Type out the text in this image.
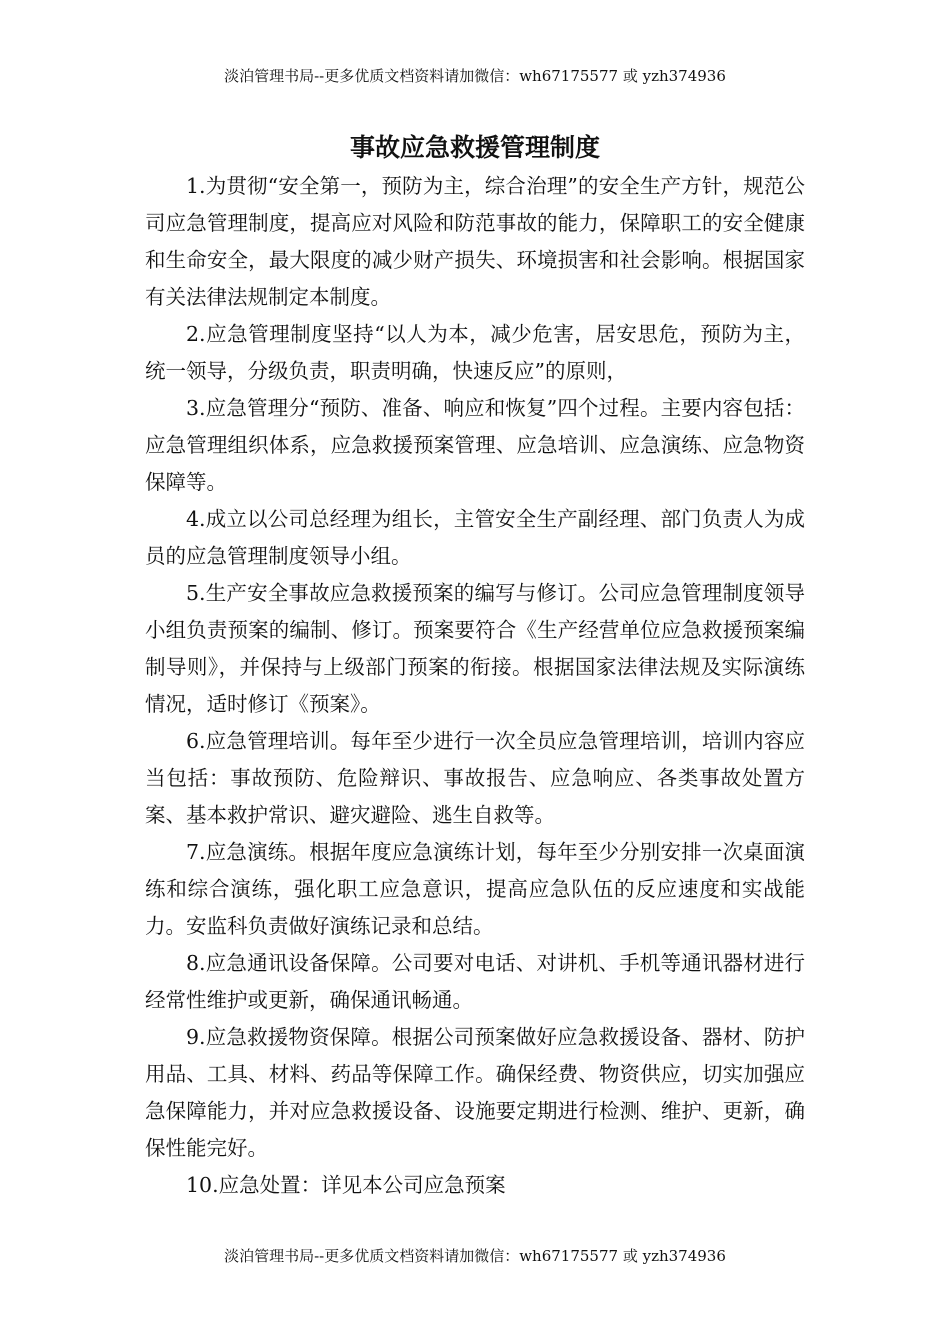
淡泊管理书局--更多优质文档资料请加微信：wh67175577 或 yzh374936
事故应急救援管理制度

1.为贯彻“安全第一，预防为主，综合治理”的安全生产方针，规范公司应急管理制度，提高应对风险和防范事故的能力，保障职工的安全健康和生命安全，最大限度的减少财产损失、环境损害和社会影响。根据国家有关法律法规制定本制度。

2.应急管理制度坚持“以人为本，减少危害，居安思危，预防为主，统一领导，分级负责，职责明确，快速反应”的原则，

3.应急管理分“预防、准备、响应和恢复”四个过程。主要内容包括：应急管理组织体系，应急救援预案管理、应急培训、应急演练、应急物资保障等。

4.成立以公司总经理为组长，主管安全生产副经理、部门负责人为成员的应急管理制度领导小组。

5.生产安全事故应急救援预案的编写与修订。公司应急管理制度领导小组负责预案的编制、修订。预案要符合《生产经营单位应急救援预案编制导则》，并保持与上级部门预案的衔接。根据国家法律法规及实际演练情况，适时修订《预案》。

6.应急管理培训。每年至少进行一次全员应急管理培训，培训内容应当包括：事故预防、危险辩识、事故报告、应急响应、各类事故处置方案、基本救护常识、避灾避险、逃生自救等。

7.应急演练。根据年度应急演练计划，每年至少分别安排一次桌面演练和综合演练，强化职工应急意识，提高应急队伍的反应速度和实战能力。安监科负责做好演练记录和总结。

8.应急通讯设备保障。公司要对电话、对讲机、手机等通讯器材进行经常性维护或更新，确保通讯畅通。

9.应急救援物资保障。根据公司预案做好应急救援设备、器材、防护用品、工具、材料、药品等保障工作。确保经费、物资供应，切实加强应急保障能力，并对应急救援设备、设施要定期进行检测、维护、更新，确保性能完好。

10.应急处置：详见本公司应急预案

淡泊管理书局--更多优质文档资料请加微信：wh67175577 或 yzh374936
